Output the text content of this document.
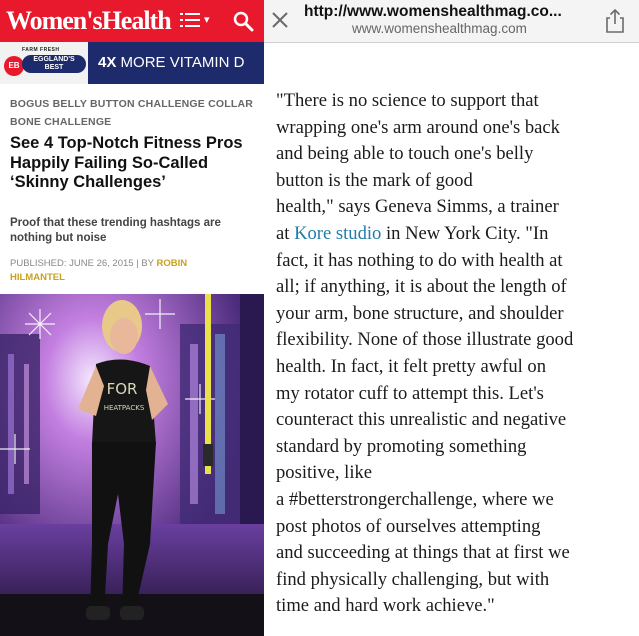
Women'sHealth	▾
FARM FRESH
EB
EGGLAND'S
BEST	4X MORE VITAMIN D
BOGUS BELLY BUTTON CHALLENGE COLLAR BONE CHALLENGE
See 4 Top-Notch Fitness Pros Happily Failing So-Called ‘Skinny Challenges’
Proof that these trending hashtags are nothing but noise
PUBLISHED: JUNE 26, 2015 | BY ROBIN
HILMANTEL
FOR
HEATPACKS
http://www.womenshealthmag.co...
www.womenshealthmag.com
"There is no science to support that
wrapping one's arm around one's back
and being able to touch one's belly
button is the mark of good
health," says Geneva Simms, a trainer
at Kore studio in New York City. "In
fact, it has nothing to do with health at
all; if anything, it is about the length of
your arm, bone structure, and shoulder
flexibility. None of those illustrate good
health. In fact, it felt pretty awful on
my rotator cuff to attempt this. Let's
counteract this unrealistic and negative
standard by promoting something
positive, like
a #betterstrongerchallenge, where we
post photos of ourselves attempting
and succeeding at things that at first we
find physically challenging, but with
time and hard work achieve."
